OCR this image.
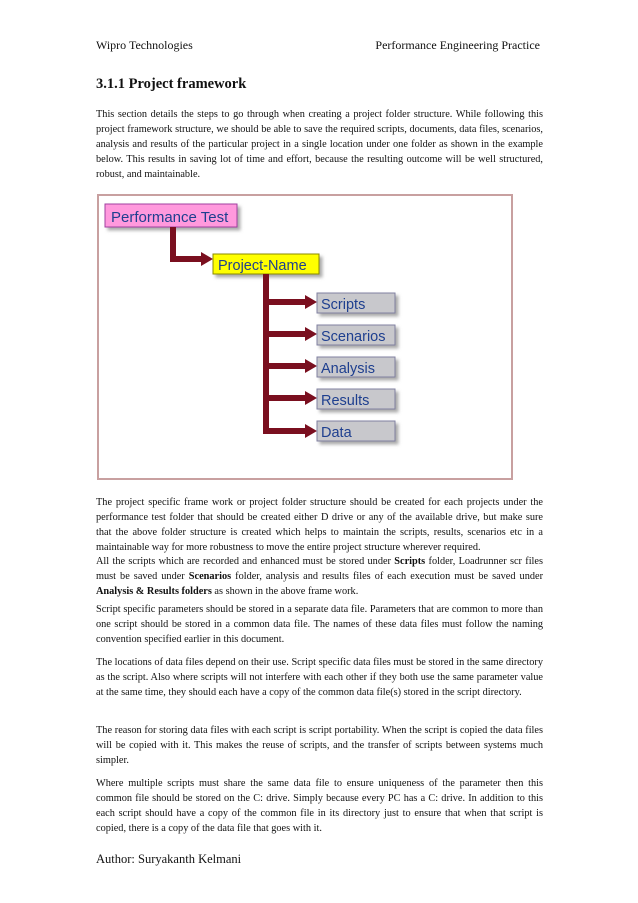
Wipro Technologies	Performance Engineering Practice
3.1.1 Project framework

This section details the steps to go through when creating a project folder structure. While following this project framework structure, we should be able to save the required scripts, documents, data files, scenarios, analysis and results of the particular project in a single location under one folder as shown in the example below. This results in saving lot of time and effort, because the resulting outcome will be well structured, robust, and maintainable.

Performance Test
Project-Name
Scripts
Scenarios
Analysis
Results
Data

The project specific frame work or project folder structure should be created for each projects under the performance test folder that should be created either D drive or any of the available drive, but make sure that the above folder structure is created which helps to maintain the scripts, results, scenarios etc in a maintainable way for more robustness to move the entire project structure wherever required.

All the scripts which are recorded and enhanced must be stored under Scripts folder, Loadrunner scr files must be saved under Scenarios folder, analysis and results files of each execution must be saved under Analysis & Results folders as shown in the above frame work.

Script specific parameters should be stored in a separate data file. Parameters that are common to more than one script should be stored in a common data file. The names of these data files must follow the naming convention specified earlier in this document.

The locations of data files depend on their use. Script specific data files must be stored in the same directory as the script. Also where scripts will not interfere with each other if they both use the same parameter value at the same time, they should each have a copy of the common data file(s) stored in the script directory.

The reason for storing data files with each script is script portability. When the script is copied the data files will be copied with it. This makes the reuse of scripts, and the transfer of scripts between systems much simpler.

Where multiple scripts must share the same data file to ensure uniqueness of the parameter then this common file should be stored on the C: drive. Simply because every PC has a C: drive. In addition to this each script should have a copy of the common file in its directory just to ensure that when that script is copied, there is a copy of the data file that goes with it.

Author: Suryakanth Kelmani
